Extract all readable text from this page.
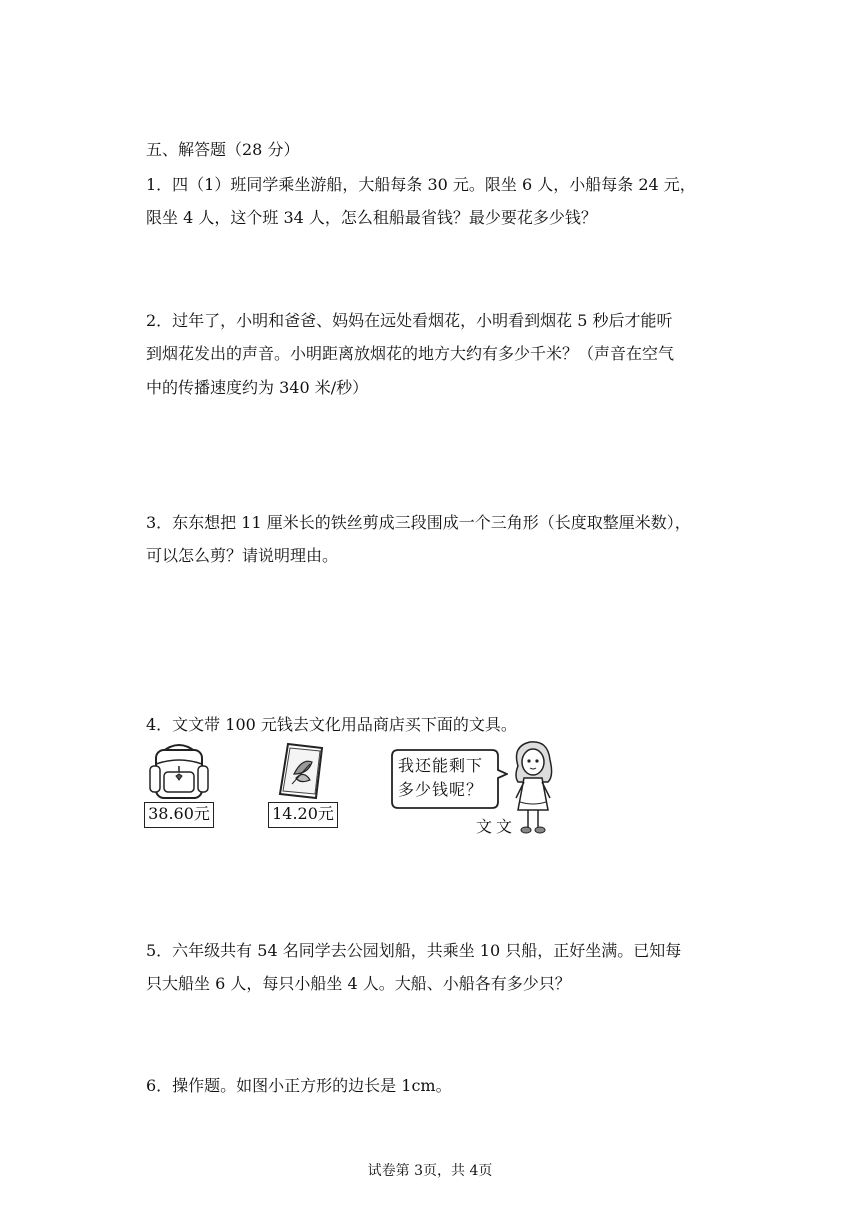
五、解答题（28 分）
1．四（1）班同学乘坐游船，大船每条 30 元。限坐 6 人，小船每条 24 元，
限坐 4 人，这个班 34 人，怎么租船最省钱？最少要花多少钱？
2．过年了，小明和爸爸、妈妈在远处看烟花，小明看到烟花 5 秒后才能听
到烟花发出的声音。小明距离放烟花的地方大约有多少千米？（声音在空气
中的传播速度约为 340 米/秒）
3．东东想把 11 厘米长的铁丝剪成三段围成一个三角形（长度取整厘米数），
可以怎么剪？请说明理由。
4．文文带 100 元钱去文化用品商店买下面的文具。
38.60元	14.20元
我还能剩下
多少钱呢？
文文
5．六年级共有 54 名同学去公园划船，共乘坐 10 只船，正好坐满。已知每
只大船坐 6 人，每只小船坐 4 人。大船、小船各有多少只？
6．操作题。如图小正方形的边长是 1cm。
试卷第 3页，共 4页
